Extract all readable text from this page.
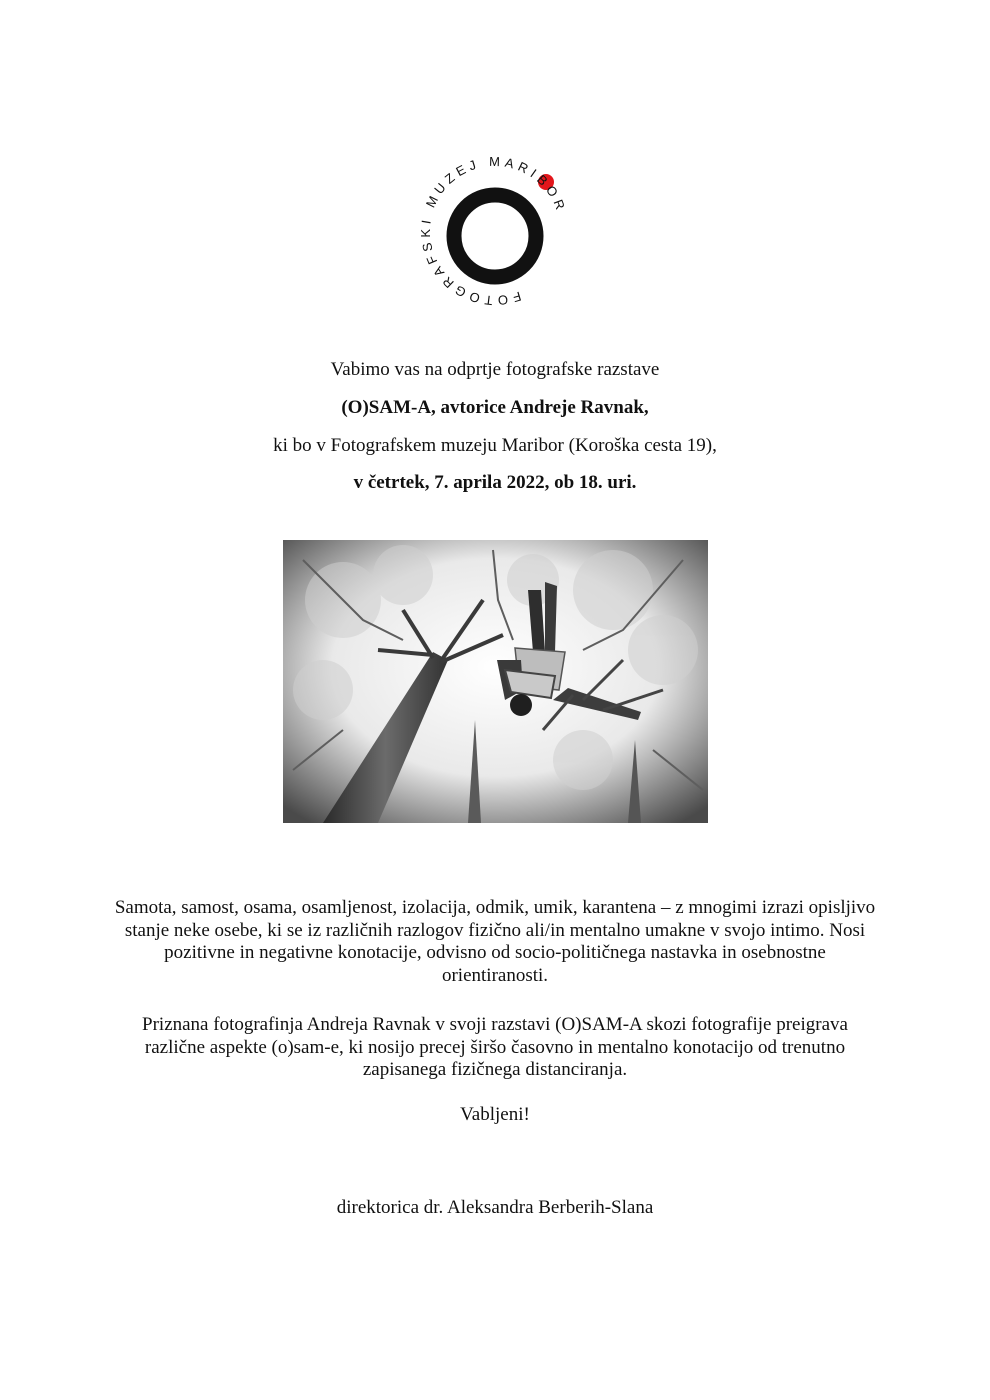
FOTOGRAFSKI MUZEJ MARIBOR
Vabimo vas na odprtje fotografske razstave
(O)SAM-A, avtorice Andreje Ravnak,
ki bo v Fotografskem muzeju Maribor (Koroška cesta 19),
v četrtek, 7. aprila 2022, ob 18. uri.

Samota, samost, osama, osamljenost, izolacija, odmik, umik, karantena – z mnogimi izrazi opisljivo stanje neke osebe, ki se iz različnih razlogov fizično ali/in mentalno umakne v svojo intimo. Nosi pozitivne in negativne konotacije, odvisno od socio-političnega nastavka in osebnostne orientiranosti.

Priznana fotografinja Andreja Ravnak v svoji razstavi (O)SAM-A skozi fotografije preigrava različne aspekte (o)sam-e, ki nosijo precej širšo časovno in mentalno konotacijo od trenutno zapisanega fizičnega distanciranja.

Vabljeni!
direktorica dr. Aleksandra Berberih-Slana
